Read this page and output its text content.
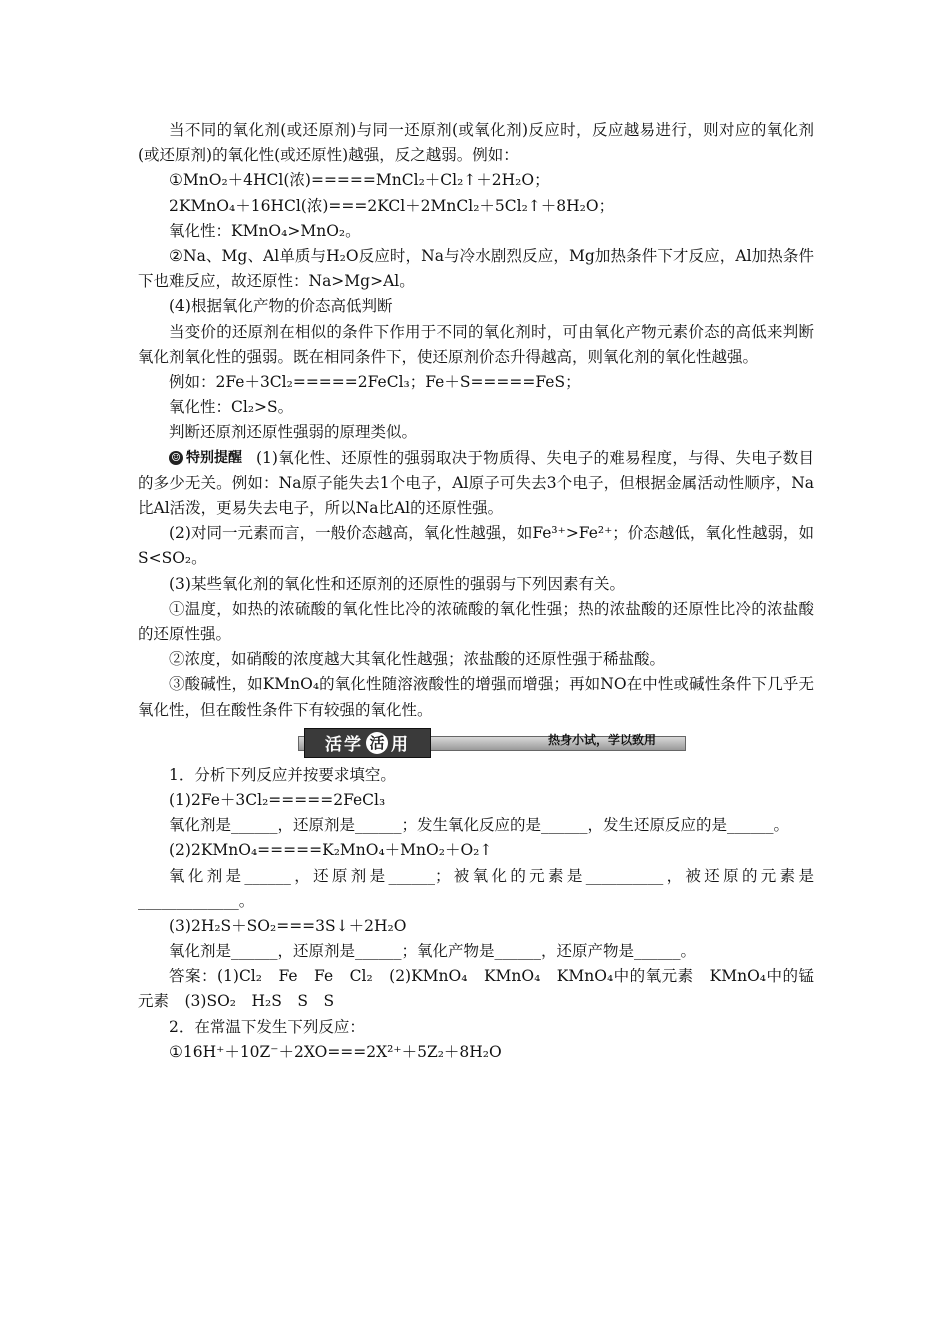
当不同的氧化剂(或还原剂)与同一还原剂(或氧化剂)反应时，反应越易进行，则对应的氧化剂(或还原剂)的氧化性(或还原性)越强，反之越弱。例如：
①MnO₂＋4HCl(浓)=====MnCl₂＋Cl₂↑＋2H₂O；
2KMnO₄＋16HCl(浓)===2KCl＋2MnCl₂＋5Cl₂↑＋8H₂O；
氧化性：KMnO₄>MnO₂。
②Na、Mg、Al单质与H₂O反应时，Na与冷水剧烈反应，Mg加热条件下才反应，Al加热条件下也难反应，故还原性：Na>Mg>Al。
(4)根据氧化产物的价态高低判断
当变价的还原剂在相似的条件下作用于不同的氧化剂时，可由氧化产物元素价态的高低来判断氧化剂氧化性的强弱。既在相同条件下，使还原剂价态升得越高，则氧化剂的氧化性越强。
例如：2Fe＋3Cl₂=====2FeCl₃；Fe＋S=====FeS；
氧化性：Cl₂>S。
判断还原剂还原性强弱的原理类似。
☺ 特别提醒 (1)氧化性、还原性的强弱取决于物质得、失电子的难易程度，与得、失电子数目的多少无关。例如：Na原子能失去1个电子，Al原子可失去3个电子，但根据金属活动性顺序，Na比Al活泼，更易失去电子，所以Na比Al的还原性强。
(2)对同一元素而言，一般价态越高，氧化性越强，如Fe³⁺>Fe²⁺；价态越低，氧化性越弱，如S<SO₂。
(3)某些氧化剂的氧化性和还原剂的还原性的强弱与下列因素有关。
①温度，如热的浓硫酸的氧化性比冷的浓硫酸的氧化性强；热的浓盐酸的还原性比冷的浓盐酸的还原性强。
②浓度，如硝酸的浓度越大其氧化性越强；浓盐酸的还原性强于稀盐酸。
③酸碱性，如KMnO₄的氧化性随溶液酸性的增强而增强；再如NO在中性或碱性条件下几乎无氧化性，但在酸性条件下有较强的氧化性。
活学 活 用	热身小试，学以致用
1．分析下列反应并按要求填空。
(1)2Fe＋3Cl₂=====2FeCl₃
氧化剂是______，还原剂是______；发生氧化反应的是______，发生还原反应的是______。
(2)2KMnO₄=====K₂MnO₄＋MnO₂＋O₂↑
氧化剂是______，还原剂是______；被氧化的元素是__________，被还原的元素是_____________。
(3)2H₂S＋SO₂===3S↓＋2H₂O
氧化剂是______，还原剂是______；氧化产物是______，还原产物是______。
答案：(1)Cl₂　Fe　Fe　Cl₂　(2)KMnO₄　KMnO₄　KMnO₄中的氧元素　KMnO₄中的锰元素　(3)SO₂　H₂S　S　S
2．在常温下发生下列反应：
①16H⁺＋10Z⁻＋2XO===2X²⁺＋5Z₂＋8H₂O
